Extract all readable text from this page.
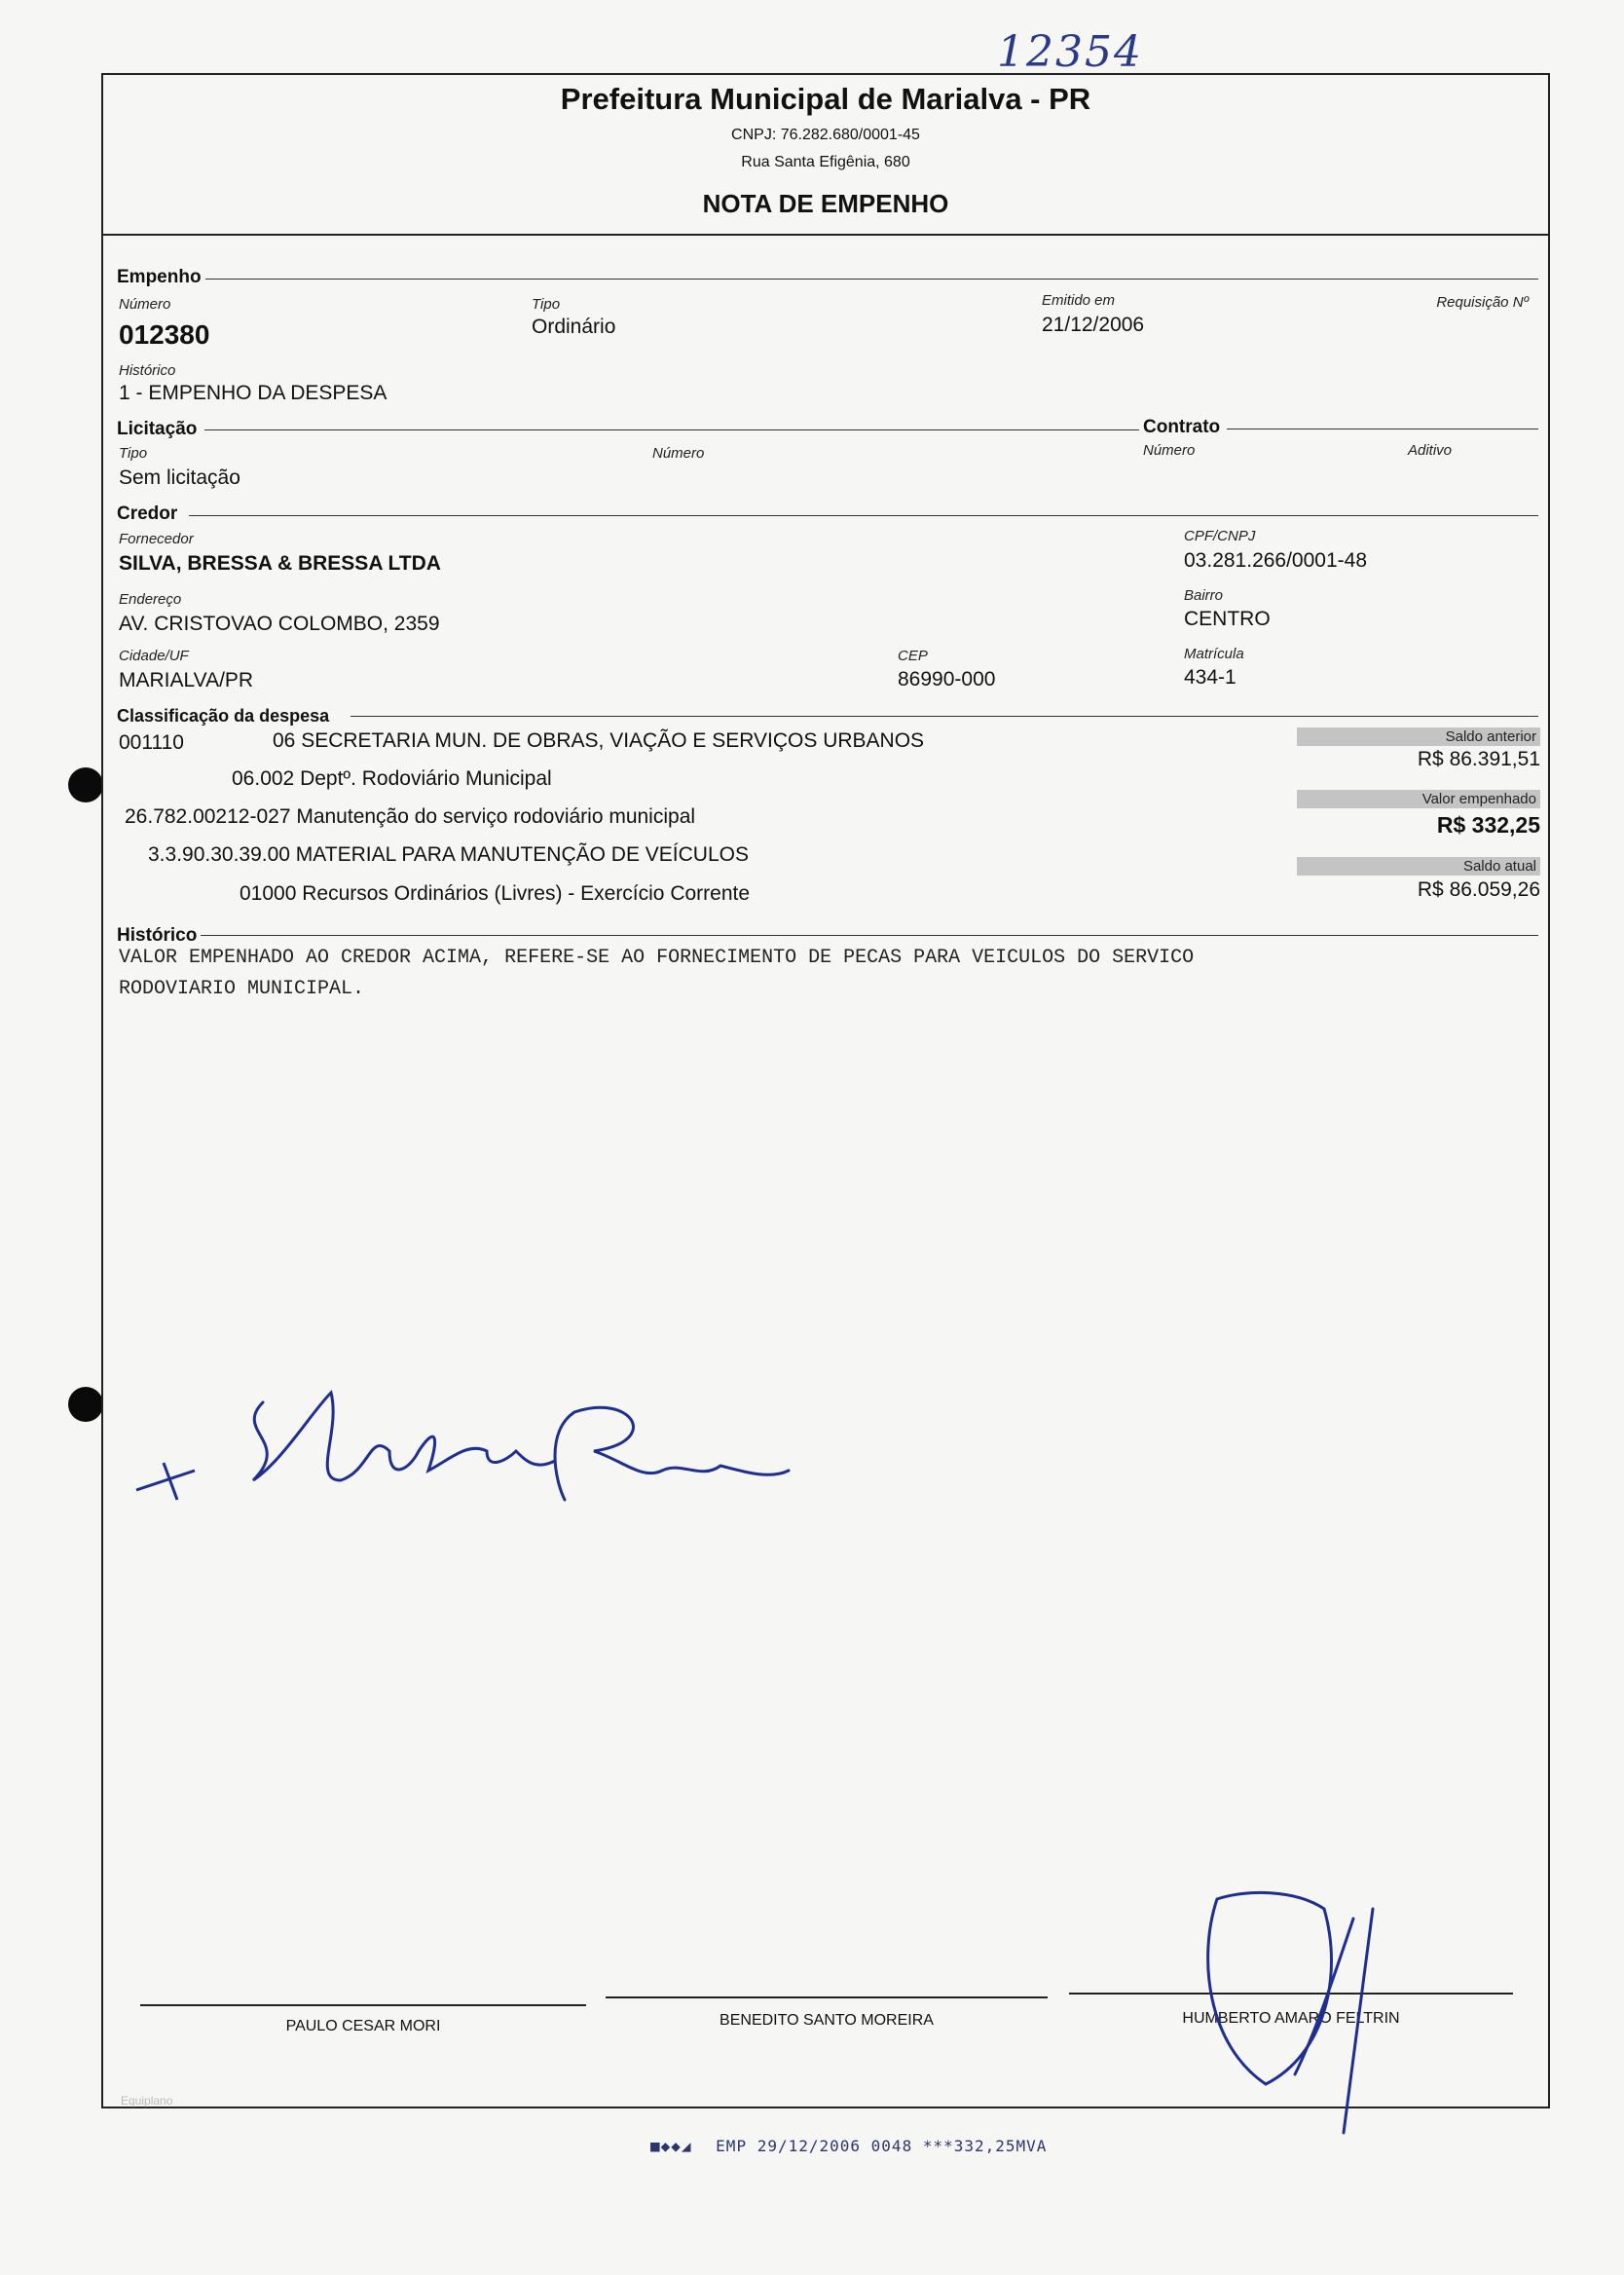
12354
Prefeitura Municipal de Marialva - PR
CNPJ: 76.282.680/0001-45
Rua Santa Efigênia, 680
NOTA DE EMPENHO
Empenho
Número
012380
Tipo
Ordinário
Emitido em
21/12/2006
Requisição Nº
Histórico
1 - EMPENHO DA DESPESA
Licitação	Contrato
Tipo
Sem licitação
Número	Número	Aditivo
Credor
Fornecedor
SILVA, BRESSA & BRESSA LTDA
CPF/CNPJ
03.281.266/0001-48
Endereço
AV. CRISTOVAO COLOMBO, 2359
Bairro
CENTRO
Cidade/UF
MARIALVA/PR
CEP
86990-000
Matrícula
434-1
Classificação da despesa
001110	06 SECRETARIA MUN. DE OBRAS, VIAÇÃO E SERVIÇOS URBANOS
06.002 Deptº. Rodoviário Municipal
26.782.00212-027 Manutenção do serviço rodoviário municipal
3.3.90.30.39.00 MATERIAL PARA MANUTENÇÃO DE VEÍCULOS
01000 Recursos Ordinários (Livres) - Exercício Corrente
Saldo anterior
R$ 86.391,51
Valor empenhado
R$ 332,25
Saldo atual
R$ 86.059,26
Histórico
VALOR EMPENHADO AO CREDOR ACIMA, REFERE-SE AO FORNECIMENTO DE PECAS PARA VEICULOS DO SERVICO
RODOVIARIO MUNICIPAL.
PAULO CESAR MORI	BENEDITO SANTO MOREIRA	HUMBERTO AMARO FELTRIN
Equiplano
■◆◆◢ EMP 29/12/2006 0048 ***332,25MVA
